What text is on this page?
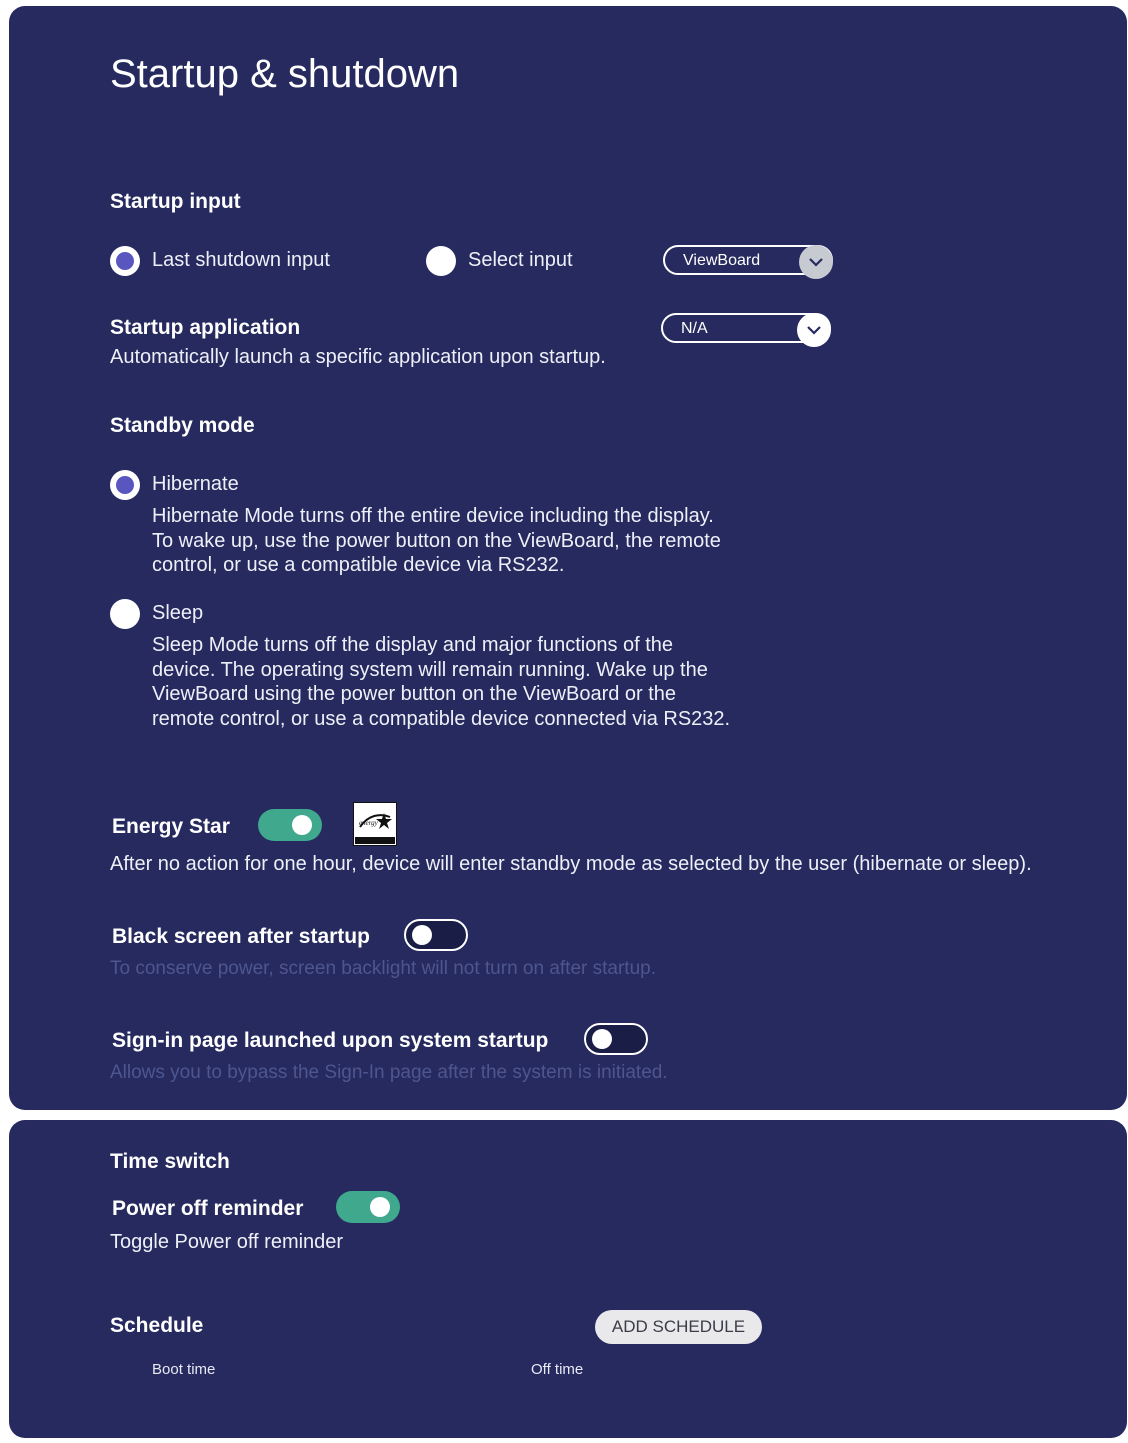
Startup & shutdown
Startup input
Last shutdown input	Select input	ViewBoard
Startup application
Automatically launch a specific application upon startup.
N/A
Standby mode
Hibernate
Hibernate Mode turns off the entire device including the display. To wake up, use the power button on the ViewBoard, the remote control, or use a compatible device via RS232.
Sleep
Sleep Mode turns off the display and major functions of the device. The operating system will remain running. Wake up the ViewBoard using the power button on the ViewBoard or the remote control, or use a compatible device connected via RS232.
Energy Star	energy
After no action for one hour, device will enter standby mode as selected by the user (hibernate or sleep).
Black screen after startup
To conserve power, screen backlight will not turn on after startup.
Sign-in page launched upon system startup
Allows you to bypass the Sign-In page after the system is initiated.
Time switch
Power off reminder
Toggle Power off reminder
Schedule	ADD SCHEDULE
Boot time	Off time
